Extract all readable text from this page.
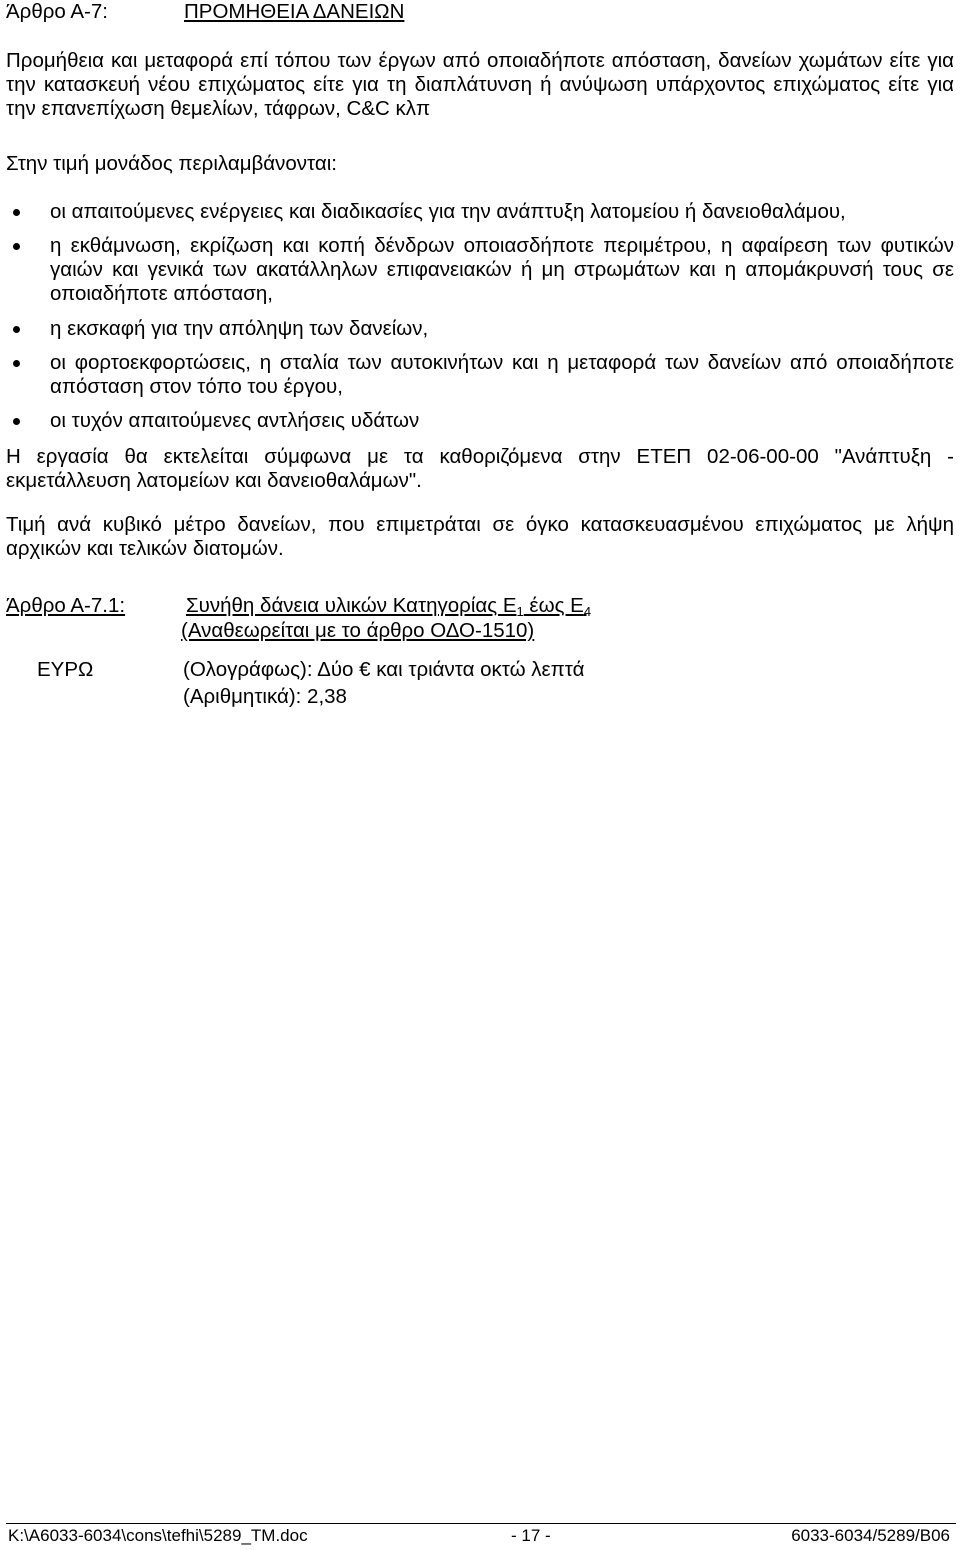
Άρθρο Α-7:	ΠΡΟΜΗΘΕΙΑ ΔΑΝΕΙΩΝ

Προμήθεια και μεταφορά επί τόπου των έργων από οποιαδήποτε απόσταση, δανείων χωμάτων είτε για την κατασκευή νέου επιχώματος είτε για τη διαπλάτυνση ή ανύψωση υπάρχοντος επιχώματος είτε για την επανεπίχωση θεμελίων, τάφρων, C&C κλπ

Στην τιμή μονάδος περιλαμβάνονται:

οι απαιτούμενες ενέργειες και διαδικασίες για την ανάπτυξη λατομείου ή δανειοθαλάμου,
η εκθάμνωση, εκρίζωση και κοπή δένδρων οποιασδήποτε περιμέτρου, η αφαίρεση των φυτικών γαιών και γενικά των ακατάλληλων επιφανειακών ή μη στρωμάτων και η απομάκρυνσή τους σε οποιαδήποτε απόσταση,
η εκσκαφή για την απόληψη των δανείων,
οι φορτοεκφορτώσεις, η σταλία των αυτοκινήτων και η μεταφορά των δανείων από οποιαδήποτε απόσταση στον τόπο του έργου,
οι τυχόν απαιτούμενες αντλήσεις υδάτων

Η εργασία θα εκτελείται σύμφωνα με τα καθοριζόμενα στην ΕΤΕΠ 02-06-00-00 "Ανάπτυξη - εκμετάλλευση λατομείων και δανειοθαλάμων".

Τιμή ανά κυβικό μέτρο δανείων, που επιμετράται σε όγκο κατασκευασμένου επιχώματος με λήψη αρχικών και τελικών διατομών.

Άρθρο Α-7.1:	Συνήθη δάνεια υλικών Κατηγορίας $E_1$ έως $E_4$
(Αναθεωρείται με το άρθρο ΟΔΟ-1510)
ΕΥΡΩ	(Ολογράφως): Δύο € και τριάντα οκτώ λεπτά
(Αριθμητικά): 2,38
K:\A6033-6034\cons\tefhi\5289_TM.doc	- 17 -	6033-6034/5289/Β06
